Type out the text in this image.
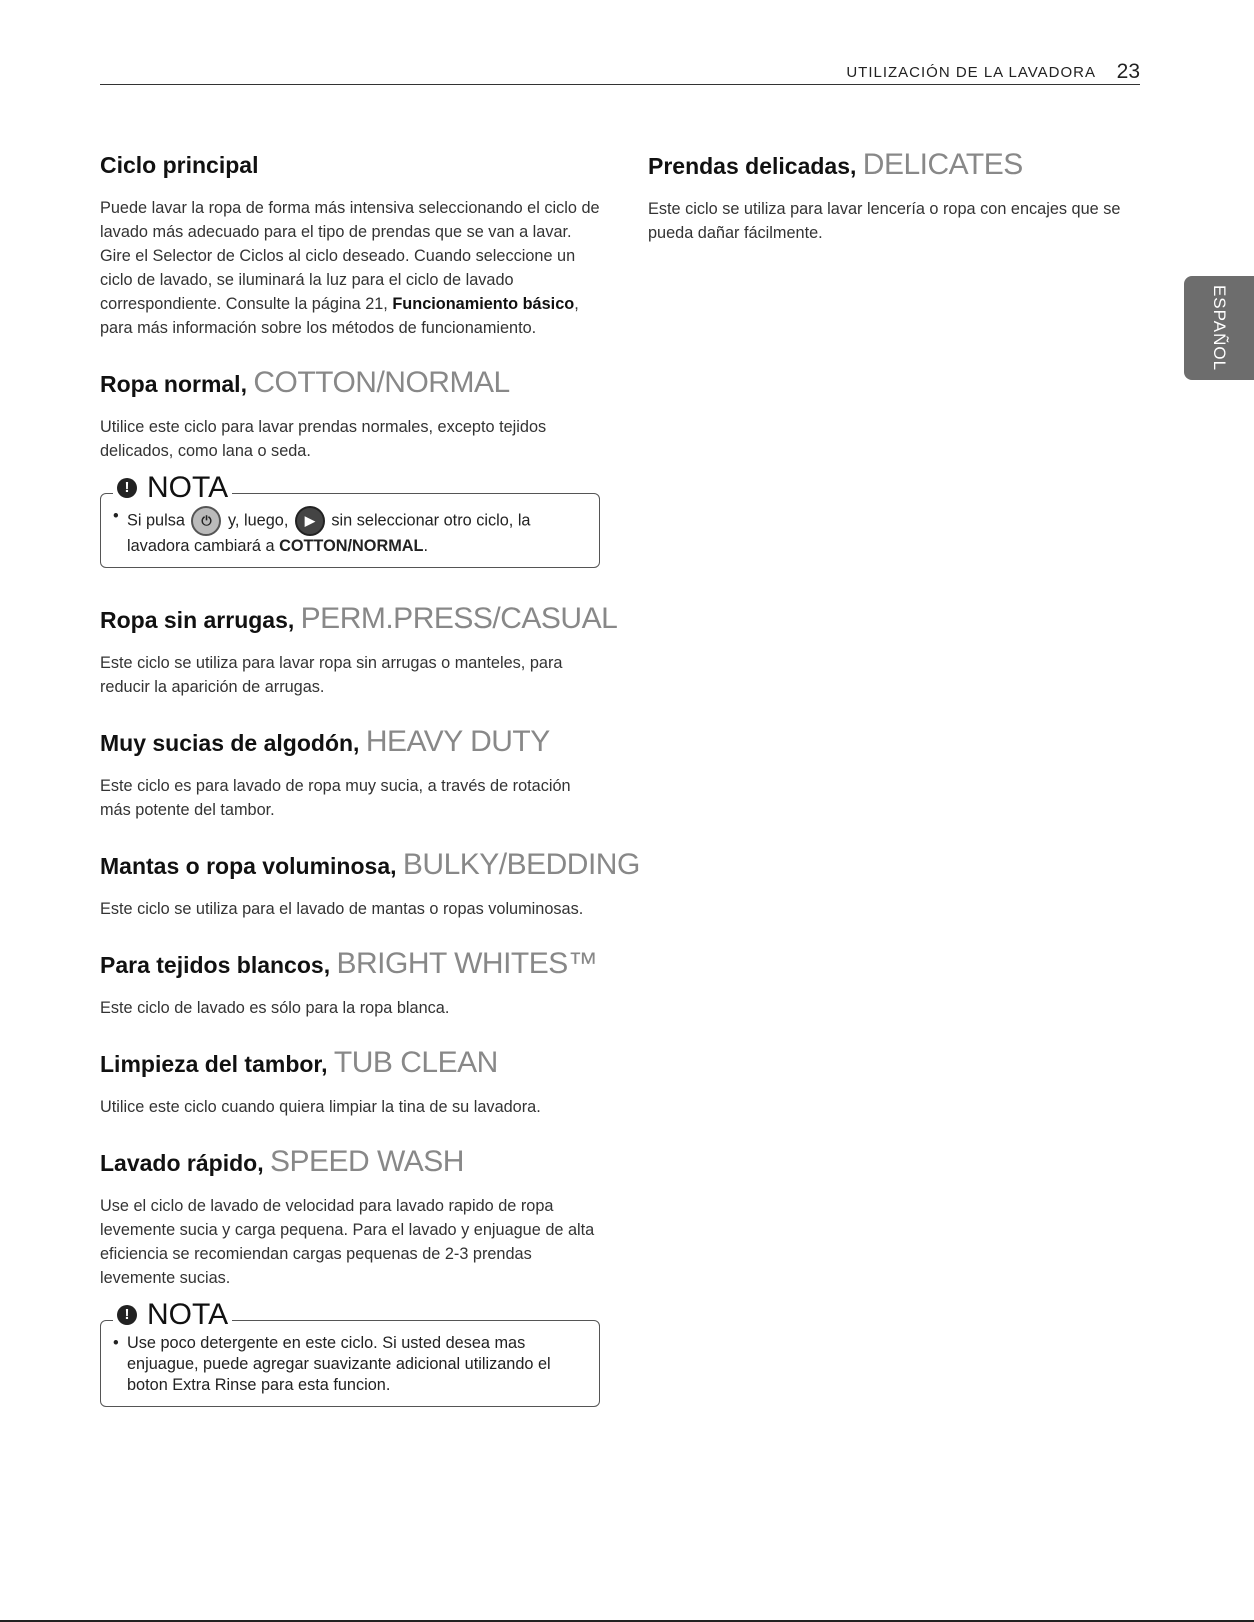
UTILIZACIÓN DE LA LAVADORA 23
ESPAÑOL
Ciclo principal

Puede lavar la ropa de forma más intensiva seleccionando el ciclo de lavado más adecuado para el tipo de prendas que se van a lavar. Gire el Selector de Ciclos al ciclo deseado. Cuando seleccione un ciclo de lavado, se iluminará la luz para el ciclo de lavado correspondiente. Consulte la página 21, Funcionamiento básico, para más información sobre los métodos de funcionamiento.

Ropa normal, COTTON/NORMAL

Utilice este ciclo para lavar prendas normales, excepto tejidos delicados, como lana o seda.

! NOTA
• Si pulsa ⏻ y, luego, ▶ sin seleccionar otro ciclo, la lavadora cambiará a COTTON/NORMAL.
Ropa sin arrugas, PERM.PRESS/CASUAL

Este ciclo se utiliza para lavar ropa sin arrugas o manteles, para reducir la aparición de arrugas.

Muy sucias de algodón, HEAVY DUTY

Este ciclo es para lavado de ropa muy sucia, a través de rotación más potente del tambor.

Mantas o ropa voluminosa, BULKY/BEDDING

Este ciclo se utiliza para el lavado de mantas o ropas voluminosas.

Para tejidos blancos, BRIGHT WHITES™

Este ciclo de lavado es sólo para la ropa blanca.

Limpieza del tambor, TUB CLEAN

Utilice este ciclo cuando quiera limpiar la tina de su lavadora.

Lavado rápido, SPEED WASH

Use el ciclo de lavado de velocidad para lavado rapido de ropa levemente sucia y carga pequena. Para el lavado y enjuague de alta eficiencia se recomiendan cargas pequenas de 2-3 prendas levemente sucias.

! NOTA
• Use poco detergente en este ciclo. Si usted desea mas enjuague, puede agregar suavizante adicional utilizando el boton Extra Rinse para esta funcion.
Prendas delicadas, DELICATES

Este ciclo se utiliza para lavar lencería o ropa con encajes que se pueda dañar fácilmente.
